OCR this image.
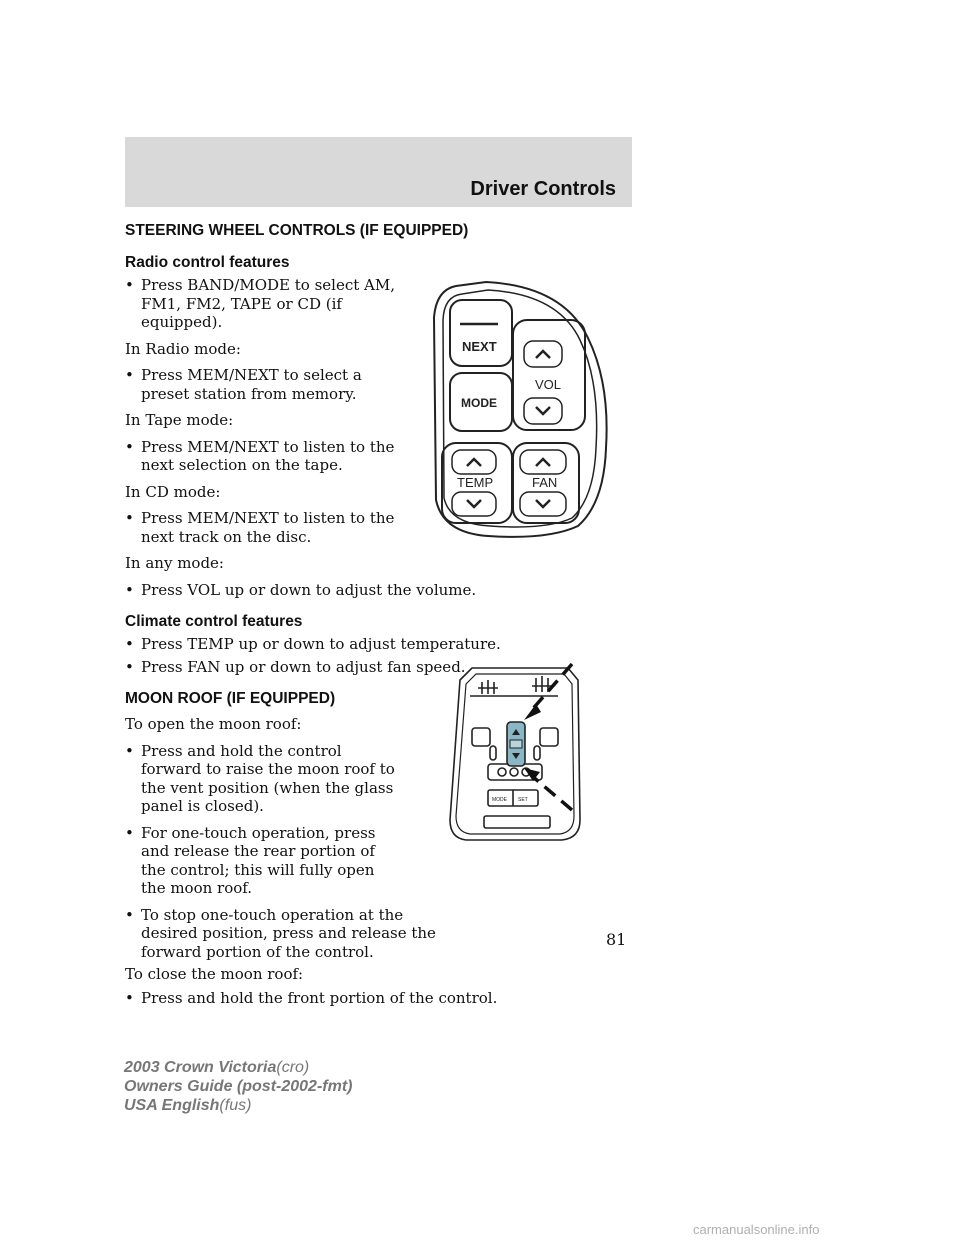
Driver Controls
STEERING WHEEL CONTROLS (IF EQUIPPED)
Radio control features
• Press BAND/MODE to select AM, FM1, FM2, TAPE or CD (if equipped).
In Radio mode:
• Press MEM/NEXT to select a preset station from memory.
In Tape mode:
• Press MEM/NEXT to listen to the next selection on the tape.
In CD mode:
• Press MEM/NEXT to listen to the next track on the disc.
In any mode:
• Press VOL up or down to adjust the volume.
Climate control features
• Press TEMP up or down to adjust temperature.
• Press FAN up or down to adjust fan speed.
MOON ROOF (IF EQUIPPED)
To open the moon roof:
• Press and hold the control forward to raise the moon roof to the vent position (when the glass panel is closed).
• For one-touch operation, press and release the rear portion of the control; this will fully open the moon roof.
• To stop one-touch operation at the desired position, press and release the forward portion of the control.
To close the moon roof:
• Press and hold the front portion of the control.
NEXT
MODE
VOL
TEMP	FAN
MODE SET
81
2003 Crown Victoria(cro)
Owners Guide (post-2002-fmt)
USA English(fus)
carmanualsonline.info
